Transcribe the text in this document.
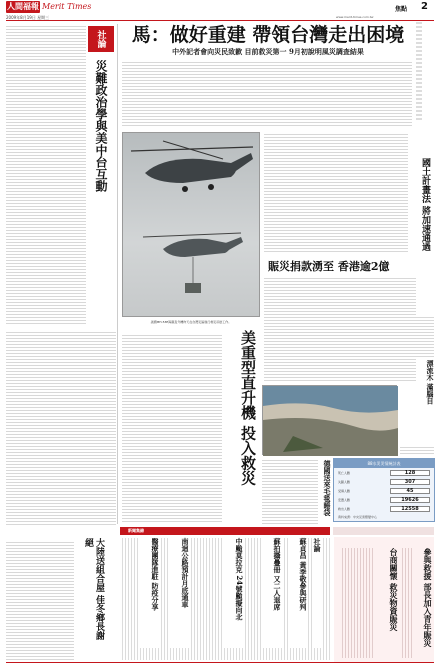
人間福報 Merit Times
2009年8月19日 星期三
焦點 2
www.merit-times.com.tw
社論
災難政治學與美中台互動
馬：做好重建 帶領台灣走出困境
中外記者會向災民致歉 目前救災第一 9月初說明風災調查結果
美國MH-53E海龍直升機昨天在台灣災區進行救災吊掛工作。
國土計畫法 將加速通過
賑災捐款湧至 香港逾2億
美重型直升機 投入救災	漂流木 滿腦目
88水災災情統計表
死亡人數	128
失蹤人數	307
受傷人數	45
安置人數	19626
救出人數	12558
資料來源：中央災害應變中心
德國送來毛毯睡袋
大陸送組合屋 佳冬鄉長謝絕
新聞集錦
社論
蘇貞昌 黃季敬參與研判
蘇拍攝疊冊 又二人退席
中颱莫拉克 24號颱擬向北
南迴公路預計月底通車
醫療團隊進駐 防疫分享	參與救援 部長加入青年賑災
台商關懷 救災物資賑災
